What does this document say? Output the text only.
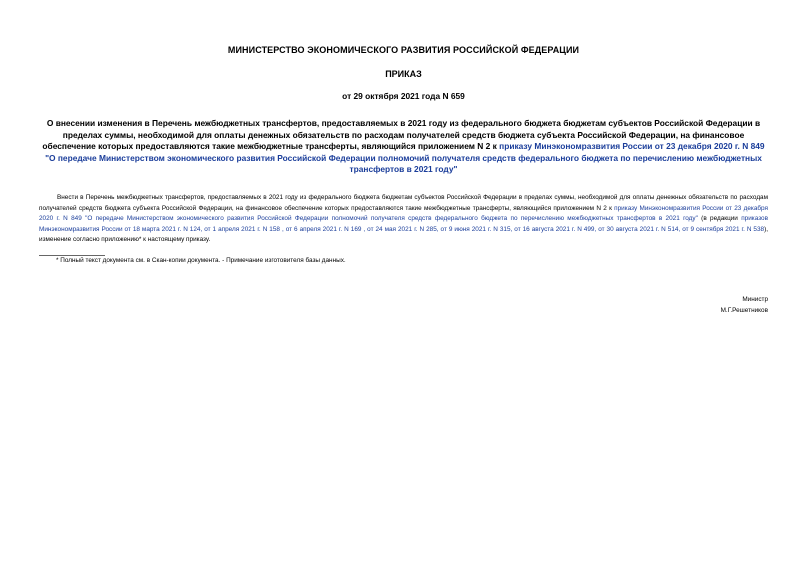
МИНИСТЕРСТВО ЭКОНОМИЧЕСКОГО РАЗВИТИЯ РОССИЙСКОЙ ФЕДЕРАЦИИ
ПРИКАЗ
от 29 октября 2021 года N 659
О внесении изменения в Перечень межбюджетных трансфертов, предоставляемых в 2021 году из федерального бюджета бюджетам субъектов Российской Федерации в пределах суммы, необходимой для оплаты денежных обязательств по расходам получателей средств бюджета субъекта Российской Федерации, на финансовое обеспечение которых предоставляются такие межбюджетные трансферты, являющийся приложением N 2 к приказу Минэкономразвития России от 23 декабря 2020 г. N 849 "О передаче Министерством экономического развития Российской Федерации полномочий получателя средств федерального бюджета по перечислению межбюджетных трансфертов в 2021 году"
Внести в Перечень межбюджетных трансфертов, предоставляемых в 2021 году из федерального бюджета бюджетам субъектов Российской Федерации в пределах суммы, необходимой для оплаты денежных обязательств по расходам получателей средств бюджета субъекта Российской Федерации, на финансовое обеспечение которых предоставляются такие межбюджетные трансферты, являющийся приложением N 2 к приказу Минэкономразвития России от 23 декабря 2020 г. N 849 "О передаче Министерством экономического развития Российской Федерации полномочий получателя средств федерального бюджета по перечислению межбюджетных трансфертов в 2021 году" (в редакции приказов Минэкономразвития России от 18 марта 2021 г. N 124, от 1 апреля 2021 г. N 158 , от 6 апреля 2021 г. N 169 , от 24 мая 2021 г. N 285, от 9 июня 2021 г. N 315, от 16 августа 2021 г. N 499, от 30 августа 2021 г. N 514, от 9 сентября 2021 г. N 538), изменение согласно приложению* к настоящему приказу.
* Полный текст документа см. в Скан-копии документа. - Примечание изготовителя базы данных.
Министр
М.Г.Решетников
